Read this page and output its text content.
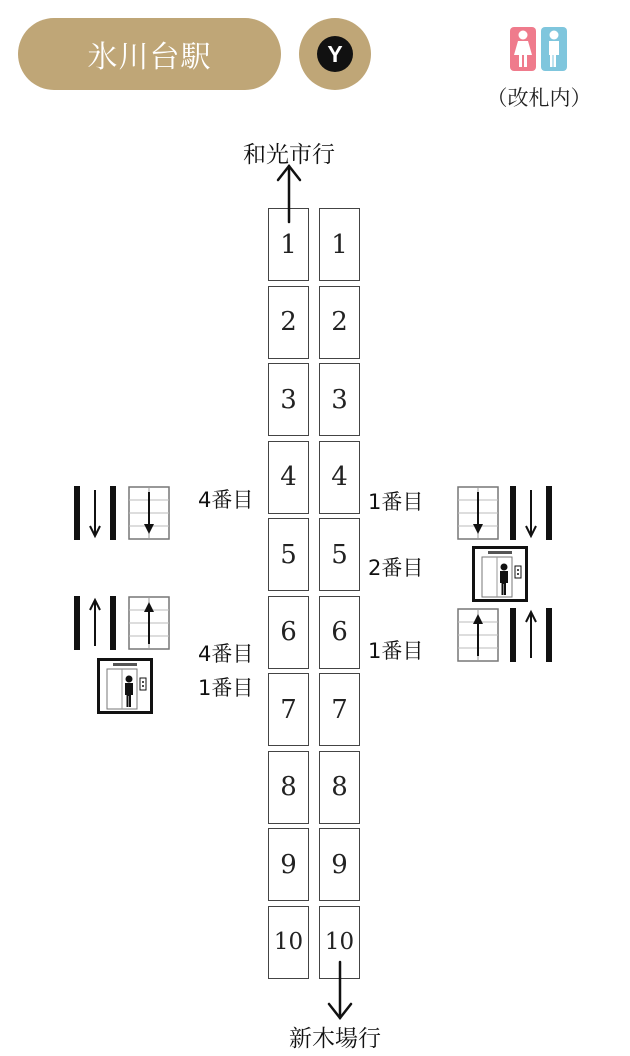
氷川台駅	Y
（改札内）
和光市行
新木場行
1
2
3
4
5
6
7
8
9
10
1
2
3
4
5
6
7
8
9
10
4番目
4番目
1番目
1番目
2番目
1番目
